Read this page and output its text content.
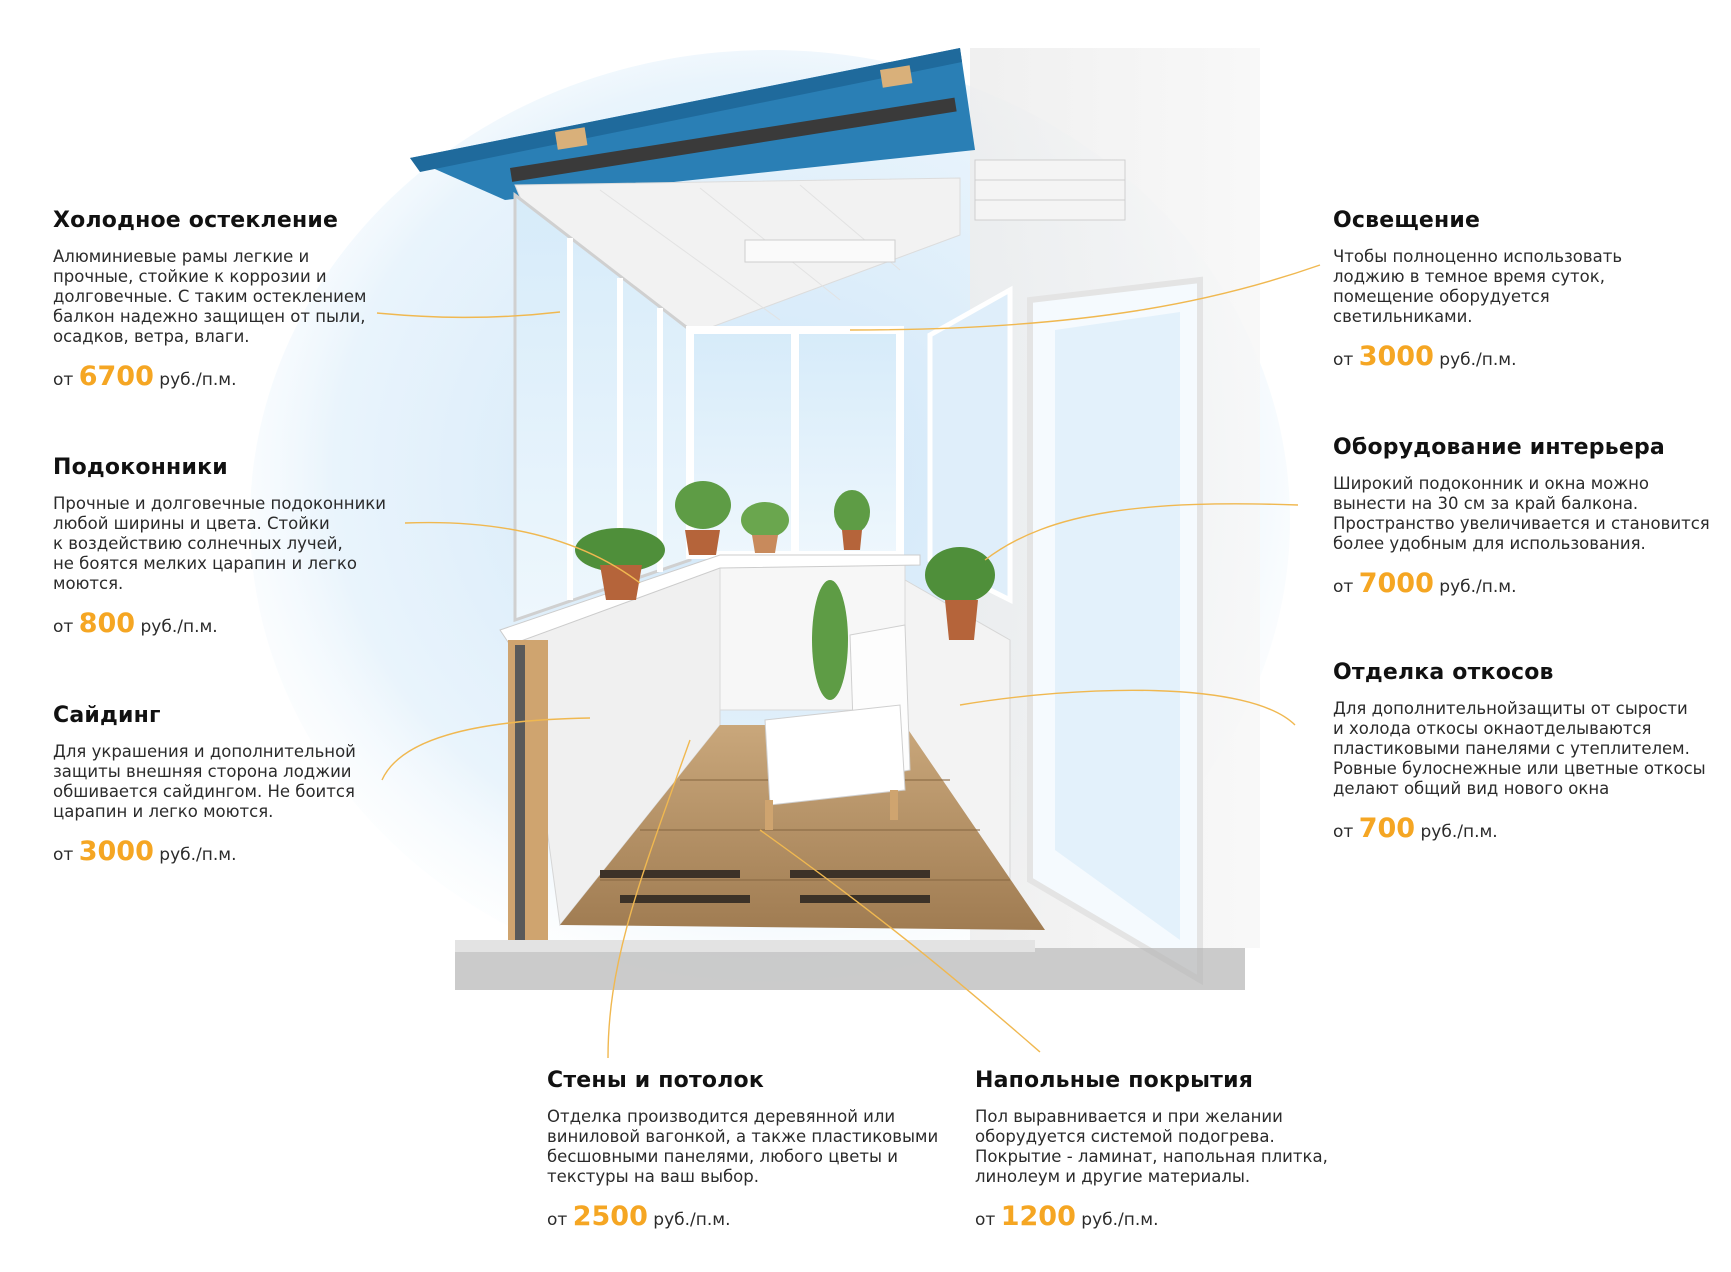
Холодное остекление

Алюминиевые рамы легкие и
прочные, стойкие к коррозии и
долговечные. С таким остеклением
балкон надежно защищен от пыли,
осадков, ветра, влаги.

от 6700 руб./п.м.
Подоконники

Прочные и долговечные подоконники
любой ширины и цвета. Стойки
к воздействию солнечных лучей,
не боятся мелких царапин и легко
моются.

от 800 руб./п.м.
Сайдинг

Для украшения и дополнительной
защиты внешняя сторона лоджии
обшивается сайдингом. Не боится
царапин и легко моются.

от 3000 руб./п.м.
Освещение

Чтобы полноценно использовать
лоджию в темное время суток,
помещение оборудуется
светильниками.

от 3000 руб./п.м.
Оборудование интерьера

Широкий подоконник и окна можно
вынести на 30 см за край балкона.
Пространство увеличивается и становится
более удобным для использования.

от 7000 руб./п.м.
Отделка откосов

Для дополнительнойзащиты от сырости
и холода откосы окнаотделываются
пластиковыми панелями с утеплителем.
Ровные булоснежные или цветные откосы
делают общий вид нового окна

от 700 руб./п.м.
Стены и потолок

Отделка производится деревянной или
виниловой вагонкой, а также пластиковыми
бесшовными панелями, любого цветы и
текстуры на ваш выбор.

от 2500 руб./п.м.
Напольные покрытия

Пол выравнивается и при желании
оборудуется системой подогрева.
Покрытие - ламинат, напольная плитка,
линолеум и другие материалы.

от 1200 руб./п.м.
